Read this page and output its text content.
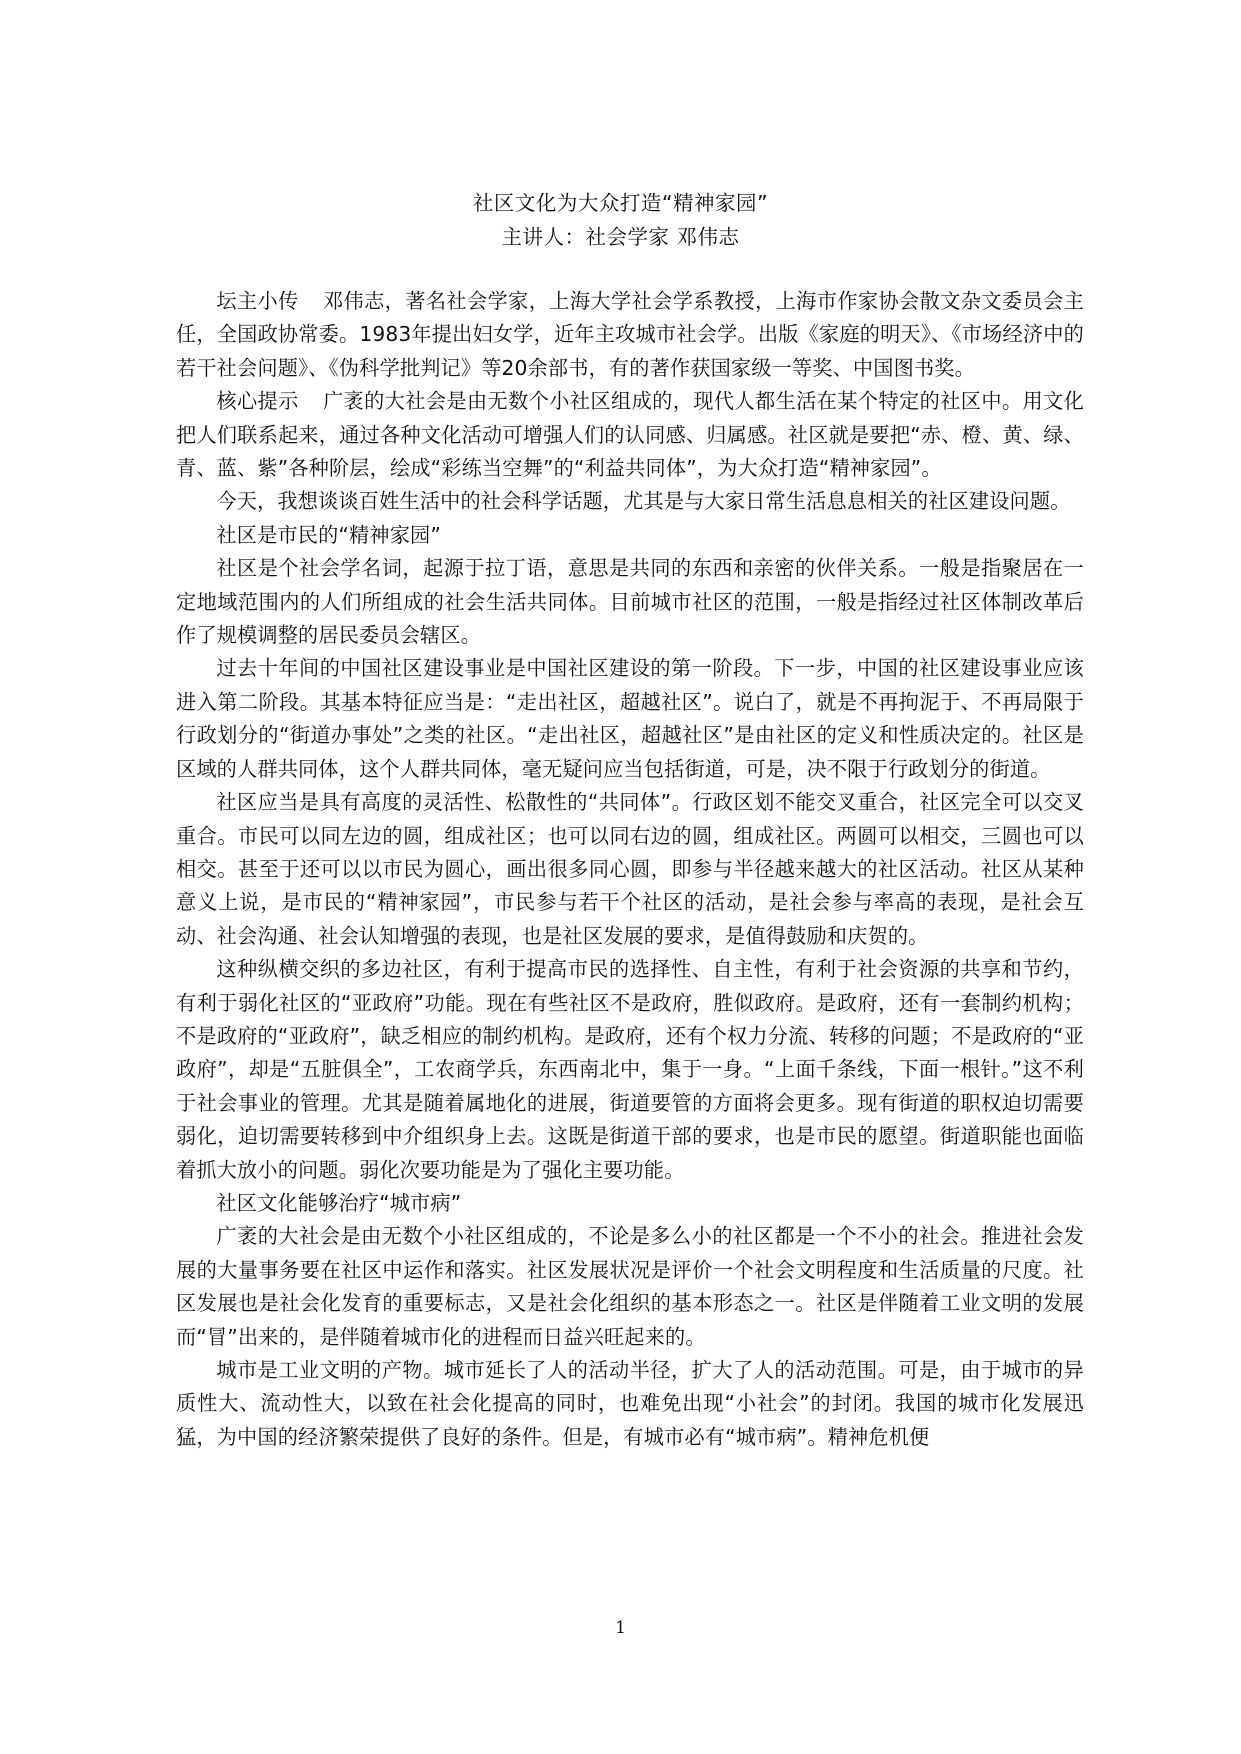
社区文化为大众打造“精神家园”
主讲人：社会学家 邓伟志

坛主小传 邓伟志，著名社会学家，上海大学社会学系教授，上海市作家协会散文杂文委员会主任，全国政协常委。1983年提出妇女学，近年主攻城市社会学。出版《家庭的明天》、《市场经济中的若干社会问题》、《伪科学批判记》等20余部书，有的著作获国家级一等奖、中国图书奖。

核心提示 广袤的大社会是由无数个小社区组成的，现代人都生活在某个特定的社区中。用文化把人们联系起来，通过各种文化活动可增强人们的认同感、归属感。社区就是要把“赤、橙、黄、绿、青、蓝、紫”各种阶层，绘成“彩练当空舞”的“利益共同体”，为大众打造“精神家园”。

今天，我想谈谈百姓生活中的社会科学话题，尤其是与大家日常生活息息相关的社区建设问题。

社区是市民的“精神家园”

社区是个社会学名词，起源于拉丁语，意思是共同的东西和亲密的伙伴关系。一般是指聚居在一定地域范围内的人们所组成的社会生活共同体。目前城市社区的范围，一般是指经过社区体制改革后作了规模调整的居民委员会辖区。

过去十年间的中国社区建设事业是中国社区建设的第一阶段。下一步，中国的社区建设事业应该进入第二阶段。其基本特征应当是：“走出社区，超越社区”。说白了，就是不再拘泥于、不再局限于行政划分的“街道办事处”之类的社区。“走出社区，超越社区”是由社区的定义和性质决定的。社区是区域的人群共同体，这个人群共同体，毫无疑问应当包括街道，可是，决不限于行政划分的街道。

社区应当是具有高度的灵活性、松散性的“共同体”。行政区划不能交叉重合，社区完全可以交叉重合。市民可以同左边的圆，组成社区；也可以同右边的圆，组成社区。两圆可以相交，三圆也可以相交。甚至于还可以以市民为圆心，画出很多同心圆，即参与半径越来越大的社区活动。社区从某种意义上说，是市民的“精神家园”，市民参与若干个社区的活动，是社会参与率高的表现，是社会互动、社会沟通、社会认知增强的表现，也是社区发展的要求，是值得鼓励和庆贺的。

这种纵横交织的多边社区，有利于提高市民的选择性、自主性，有利于社会资源的共享和节约，有利于弱化社区的“亚政府”功能。现在有些社区不是政府，胜似政府。是政府，还有一套制约机构；不是政府的“亚政府”，缺乏相应的制约机构。是政府，还有个权力分流、转移的问题；不是政府的“亚政府”，却是“五脏俱全”，工农商学兵，东西南北中，集于一身。“上面千条线，下面一根针。”这不利于社会事业的管理。尤其是随着属地化的进展，街道要管的方面将会更多。现有街道的职权迫切需要弱化，迫切需要转移到中介组织身上去。这既是街道干部的要求，也是市民的愿望。街道职能也面临着抓大放小的问题。弱化次要功能是为了强化主要功能。

社区文化能够治疗“城市病”

广袤的大社会是由无数个小社区组成的，不论是多么小的社区都是一个不小的社会。推进社会发展的大量事务要在社区中运作和落实。社区发展状况是评价一个社会文明程度和生活质量的尺度。社区发展也是社会化发育的重要标志，又是社会化组织的基本形态之一。社区是伴随着工业文明的发展而“冒”出来的，是伴随着城市化的进程而日益兴旺起来的。

城市是工业文明的产物。城市延长了人的活动半径，扩大了人的活动范围。可是，由于城市的异质性大、流动性大，以致在社会化提高的同时，也难免出现“小社会”的封闭。我国的城市化发展迅猛，为中国的经济繁荣提供了良好的条件。但是，有城市必有“城市病”。精神危机便

1
